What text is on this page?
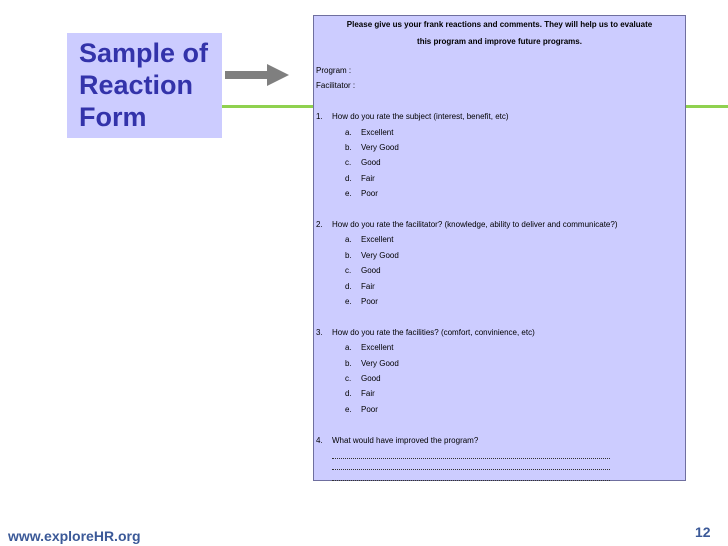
Sample of
Reaction
Form
Please give us your frank reactions and comments. They will help us to evaluate
this program and improve future programs.
Program :
Facilitator :
1.	How do you rate the subject (interest, benefit, etc)
a.	Excellent
b.	Very Good
c.	Good
d.	Fair
e.	Poor
2.	How do you rate the facilitator? (knowledge, ability to deliver and communicate?)
a.	Excellent
b.	Very Good
c.	Good
d.	Fair
e.	Poor
3.	How do you rate the facilities? (comfort, convinience, etc)
a.	Excellent
b.	Very Good
c.	Good
d.	Fair
e.	Poor
4.	What would have improved the program?
www.exploreHR.org	12
